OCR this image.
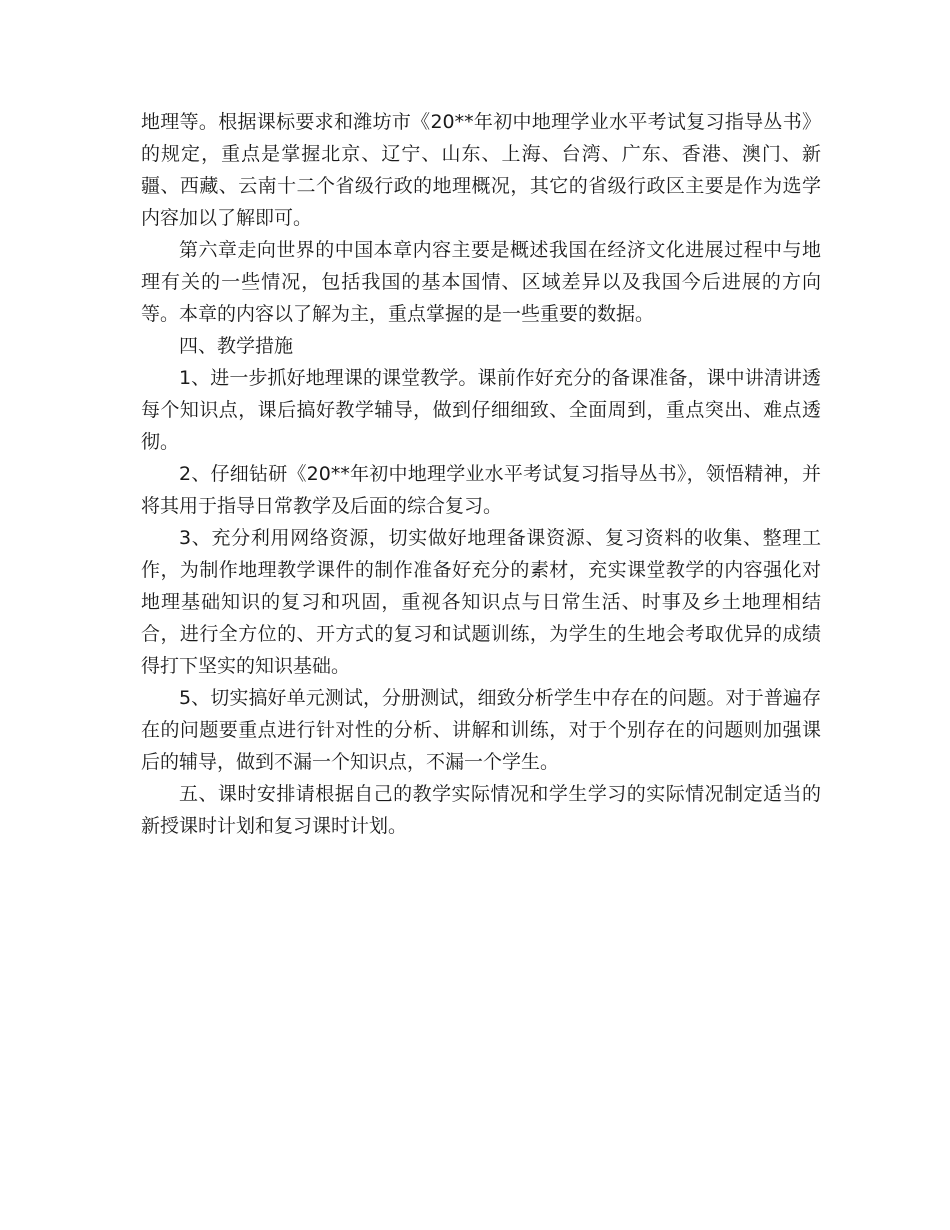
地理等。根据课标要求和潍坊市《20**年初中地理学业水平考试复习指导丛书》的规定，重点是掌握北京、辽宁、山东、上海、台湾、广东、香港、澳门、新疆、西藏、云南十二个省级行政的地理概况，其它的省级行政区主要是作为选学内容加以了解即可。

第六章走向世界的中国本章内容主要是概述我国在经济文化进展过程中与地理有关的一些情况，包括我国的基本国情、区域差异以及我国今后进展的方向等。本章的内容以了解为主，重点掌握的是一些重要的数据。

四、教学措施

1、进一步抓好地理课的课堂教学。课前作好充分的备课准备，课中讲清讲透每个知识点，课后搞好教学辅导，做到仔细细致、全面周到，重点突出、难点透彻。

2、仔细钻研《20**年初中地理学业水平考试复习指导丛书》，领悟精神，并将其用于指导日常教学及后面的综合复习。

3、充分利用网络资源，切实做好地理备课资源、复习资料的收集、整理工作，为制作地理教学课件的制作准备好充分的素材，充实课堂教学的内容强化对地理基础知识的复习和巩固，重视各知识点与日常生活、时事及乡土地理相结合，进行全方位的、开方式的复习和试题训练，为学生的生地会考取优异的成绩得打下坚实的知识基础。

5、切实搞好单元测试，分册测试，细致分析学生中存在的问题。对于普遍存在的问题要重点进行针对性的分析、讲解和训练，对于个别存在的问题则加强课后的辅导，做到不漏一个知识点，不漏一个学生。

五、课时安排请根据自己的教学实际情况和学生学习的实际情况制定适当的新授课时计划和复习课时计划。
